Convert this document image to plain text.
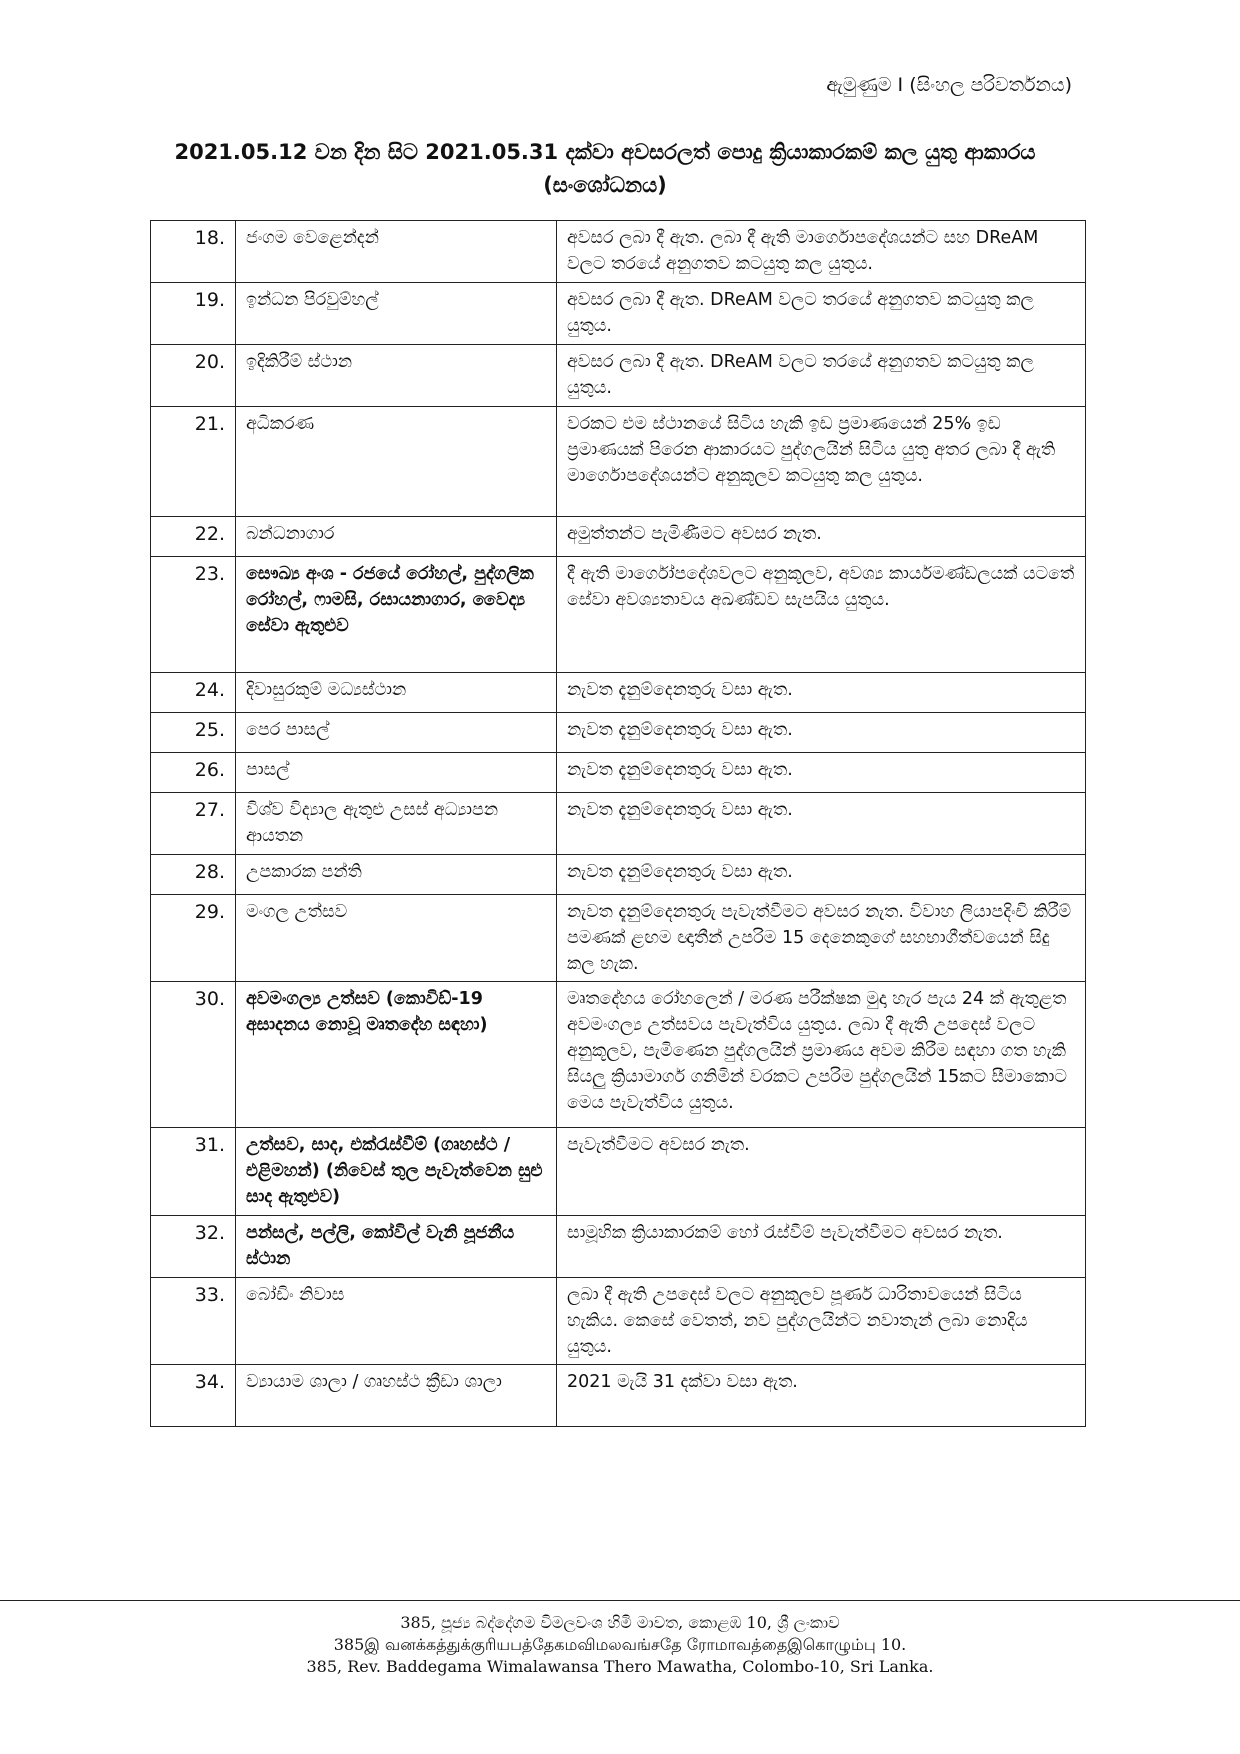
ඇමුණුම I (සිංහල පරිවර්තනය)
2021.05.12 වන දින සිට 2021.05.31 දක්වා අවසරලත් පොදු ක්‍රියාකාරකම් කල යුතු ආකාරය
(සංශෝධනය)
18.	ජංගම වෙළෙන්දන්	අවසර ලබා දී ඇත. ලබා දී ඇති මාර්ගොපදේශයන්ට සහ DReAM වලට තරයේ අනුගතව කටයුතු කල යුතුය.
19.	ඉන්ධන පිරවුම්හල්	අවසර ලබා දී ඇත. DReAM වලට තරයේ අනුගතව කටයුතු කල යුතුය.
20.	ඉදිකිරීම් ස්ථාන	අවසර ලබා දී ඇත. DReAM වලට තරයේ අනුගතව කටයුතු කල යුතුය.
21.	අධිකරණ	වරකට එම ස්ථානයේ සිටිය හැකි ඉඩ ප්‍රමාණයෙන් 25% ඉඩ ප්‍රමාණයක් පිරෙන ආකාරයට පුද්ගලයින් සිටිය යුතු අතර ලබා දී ඇති මාර්ගොපදේශයන්ට අනුකූලව කටයුතු කල යුතුය.
22.	බන්ධනාගාර	අමුත්තන්ට පැමිණීමට අවසර නැත.
23.	සෞඛ්‍ය අංශ - රජයේ රෝහල්, පුද්ගලික රෝහල්, ෆාමසි, රසායනාගාර, වෛද්‍ය සේවා ඇතුළුව	දී ඇති මාර්ගෝපදේශවලට අනුකූලව, අවශ්‍ය කාර්යමණ්ඩලයක් යටතේ සේවා අවශ්‍යතාවය අඛණ්ඩව සැපයිය යුතුය.
24.	දිවාසුරකුම් මධ්‍යස්ථාන	නැවත දැනුම්දෙනතුරු වසා ඇත.
25.	පෙර පාසල්	නැවත දැනුම්දෙනතුරු වසා ඇත.
26.	පාසල්	නැවත දැනුම්දෙනතුරු වසා ඇත.
27.	විශ්ව විද්‍යාල ඇතුළු උසස් අධ්‍යාපන ආයතන	නැවත දැනුම්දෙනතුරු වසා ඇත.
28.	උපකාරක පන්ති	නැවත දැනුම්දෙනතුරු වසා ඇත.
29.	මංගල උත්සව	නැවත දැනුම්දෙනතුරු පැවැත්වීමට අවසර නැත. විවාහ ලියාපදිංචි කිරීම් පමණක් ළඟම ඥාතීන් උපරිම 15 දෙනෙකුගේ සහභාගීත්වයෙන් සිදු කල හැක.
30.	අවමංගල්‍ය උත්සව (කොවිඩ්-19 අසාදනය නොවූ මෘතදේහ සඳහා)	මෘතදේහය රෝහලෙන් / මරණ පරීක්ෂක මුදා හැර පැය 24 ක් ඇතුළත අවමංගල්‍ය උත්සවය පැවැත්විය යුතුය. ලබා දී ඇති උපදෙස් වලට අනුකූලව, පැමිණෙන පුද්ගලයින් ප්‍රමාණය අවම කිරීම සඳහා ගත හැකි සියලු ක්‍රියාමාර්ග ගනිමින් වරකට උපරිම පුද්ගලයින් 15කට සීමාකොට මෙය පැවැත්විය යුතුය.
31.	උත්සව, සාද, එක්රැස්වීම් (ගෘහස්ථ / එළිමහන්) (නිවෙස් තුල පැවැත්වෙන සුළු සාද ඇතුළුව)	පැවැත්වීමට අවසර නැත.
32.	පන්සල්, පල්ලි, කෝවිල් වැනි පූජනීය ස්ථාන	සාමූහික ක්‍රියාකාරකම් හෝ රැස්වීම් පැවැත්වීමට අවසර නැත.
33.	බෝඩිං නිවාස	ලබා දී ඇති උපදෙස් වලට අනුකූලව පූර්ණ ධාරිතාවයෙන් සිටිය හැකිය. කෙසේ වෙතත්, නව පුද්ගලයින්ට නවාතැන් ලබා නොදිය යුතුය.
34.	ව්‍යායාම ශාලා / ගෘහස්ථ ක්‍රීඩා ශාලා	2021 මැයි 31 දක්වා වසා ඇත.
385, පූජ්‍ය බද්දේගම විමලවංශ හිමි මාවත, කොළඹ 10, ශ්‍රී ලංකාව
385இ வனக்கத்துக்குரியபத்தேகமவிமலவங்சதே ரோமாவத்தைஇகொழும்பு 10.
385, Rev. Baddegama Wimalawansa Thero Mawatha, Colombo-10, Sri Lanka.
